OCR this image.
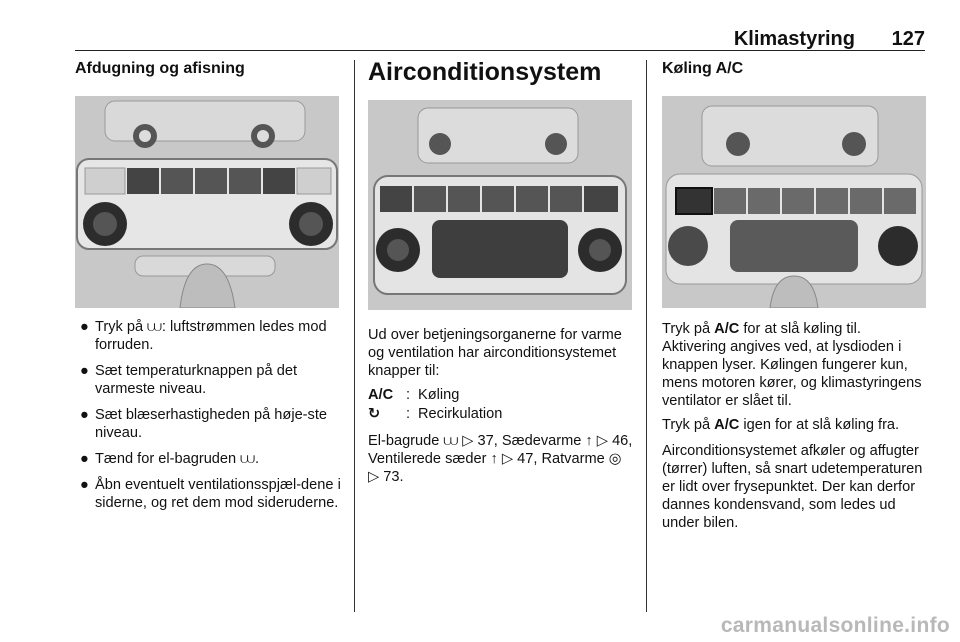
Klimastyring 127
Afdugning og afisning
● Tryk på ⩊: luftstrømmen ledes mod forruden.
● Sæt temperaturknappen på det varmeste niveau.
● Sæt blæserhastigheden på høje-ste niveau.
● Tænd for el-bagruden ⩊.
● Åbn eventuelt ventilationsspjæl-dene i siderne, og ret dem mod sideruderne.
Airconditionsystem

Ud over betjeningsorganerne for varme og ventilation har airconditionsystemet knapper til:

A/C : Køling
↻	: Recirkulation

El-bagrude ⩊ ▷ 37, Sædevarme ↑ ▷ 46, Ventilerede sæder ↑ ▷ 47, Ratvarme ◎ ▷ 73.

Køling A/C

Tryk på A/C for at slå køling til. Aktivering angives ved, at lysdioden i knappen lyser. Kølingen fungerer kun, mens motoren kører, og klimastyringens ventilator er slået til.

Tryk på A/C igen for at slå køling fra.

Airconditionsystemet afkøler og affugter (tørrer) luften, så snart udetemperaturen er lidt over frysepunktet. Der kan derfor dannes kondensvand, som ledes ud under bilen.

carmanualsonline.info
